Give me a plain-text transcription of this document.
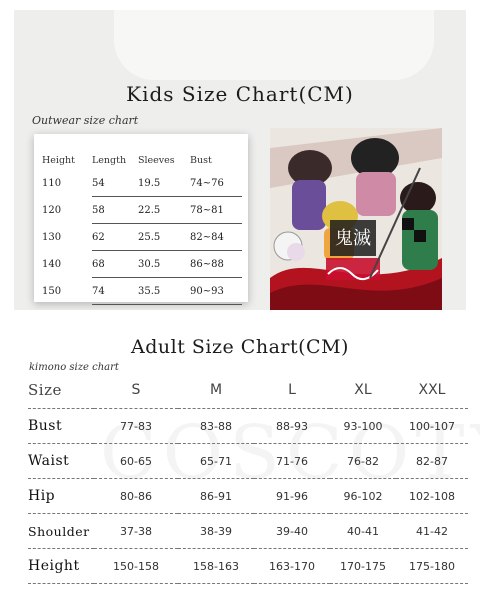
Kids Size Chart(CM)
Outwear size chart
Height	Length	Sleeves	Bust
110	54	19.5	74~76
120	58	22.5	78~81
130	62	25.5	82~84
140	68	30.5	86~88
150	74	35.5	90~93
鬼滅
Adult Size Chart(CM)
kimono size chart
Size	S	M	L	XL	XXL
Bust	77-83	83-88	88-93	93-100	100-107
Waist	60-65	65-71	71-76	76-82	82-87
Hip	80-86	86-91	91-96	96-102	102-108
Shoulder	37-38	38-39	39-40	40-41	41-42
Height	150-158	158-163	163-170	170-175	175-180
